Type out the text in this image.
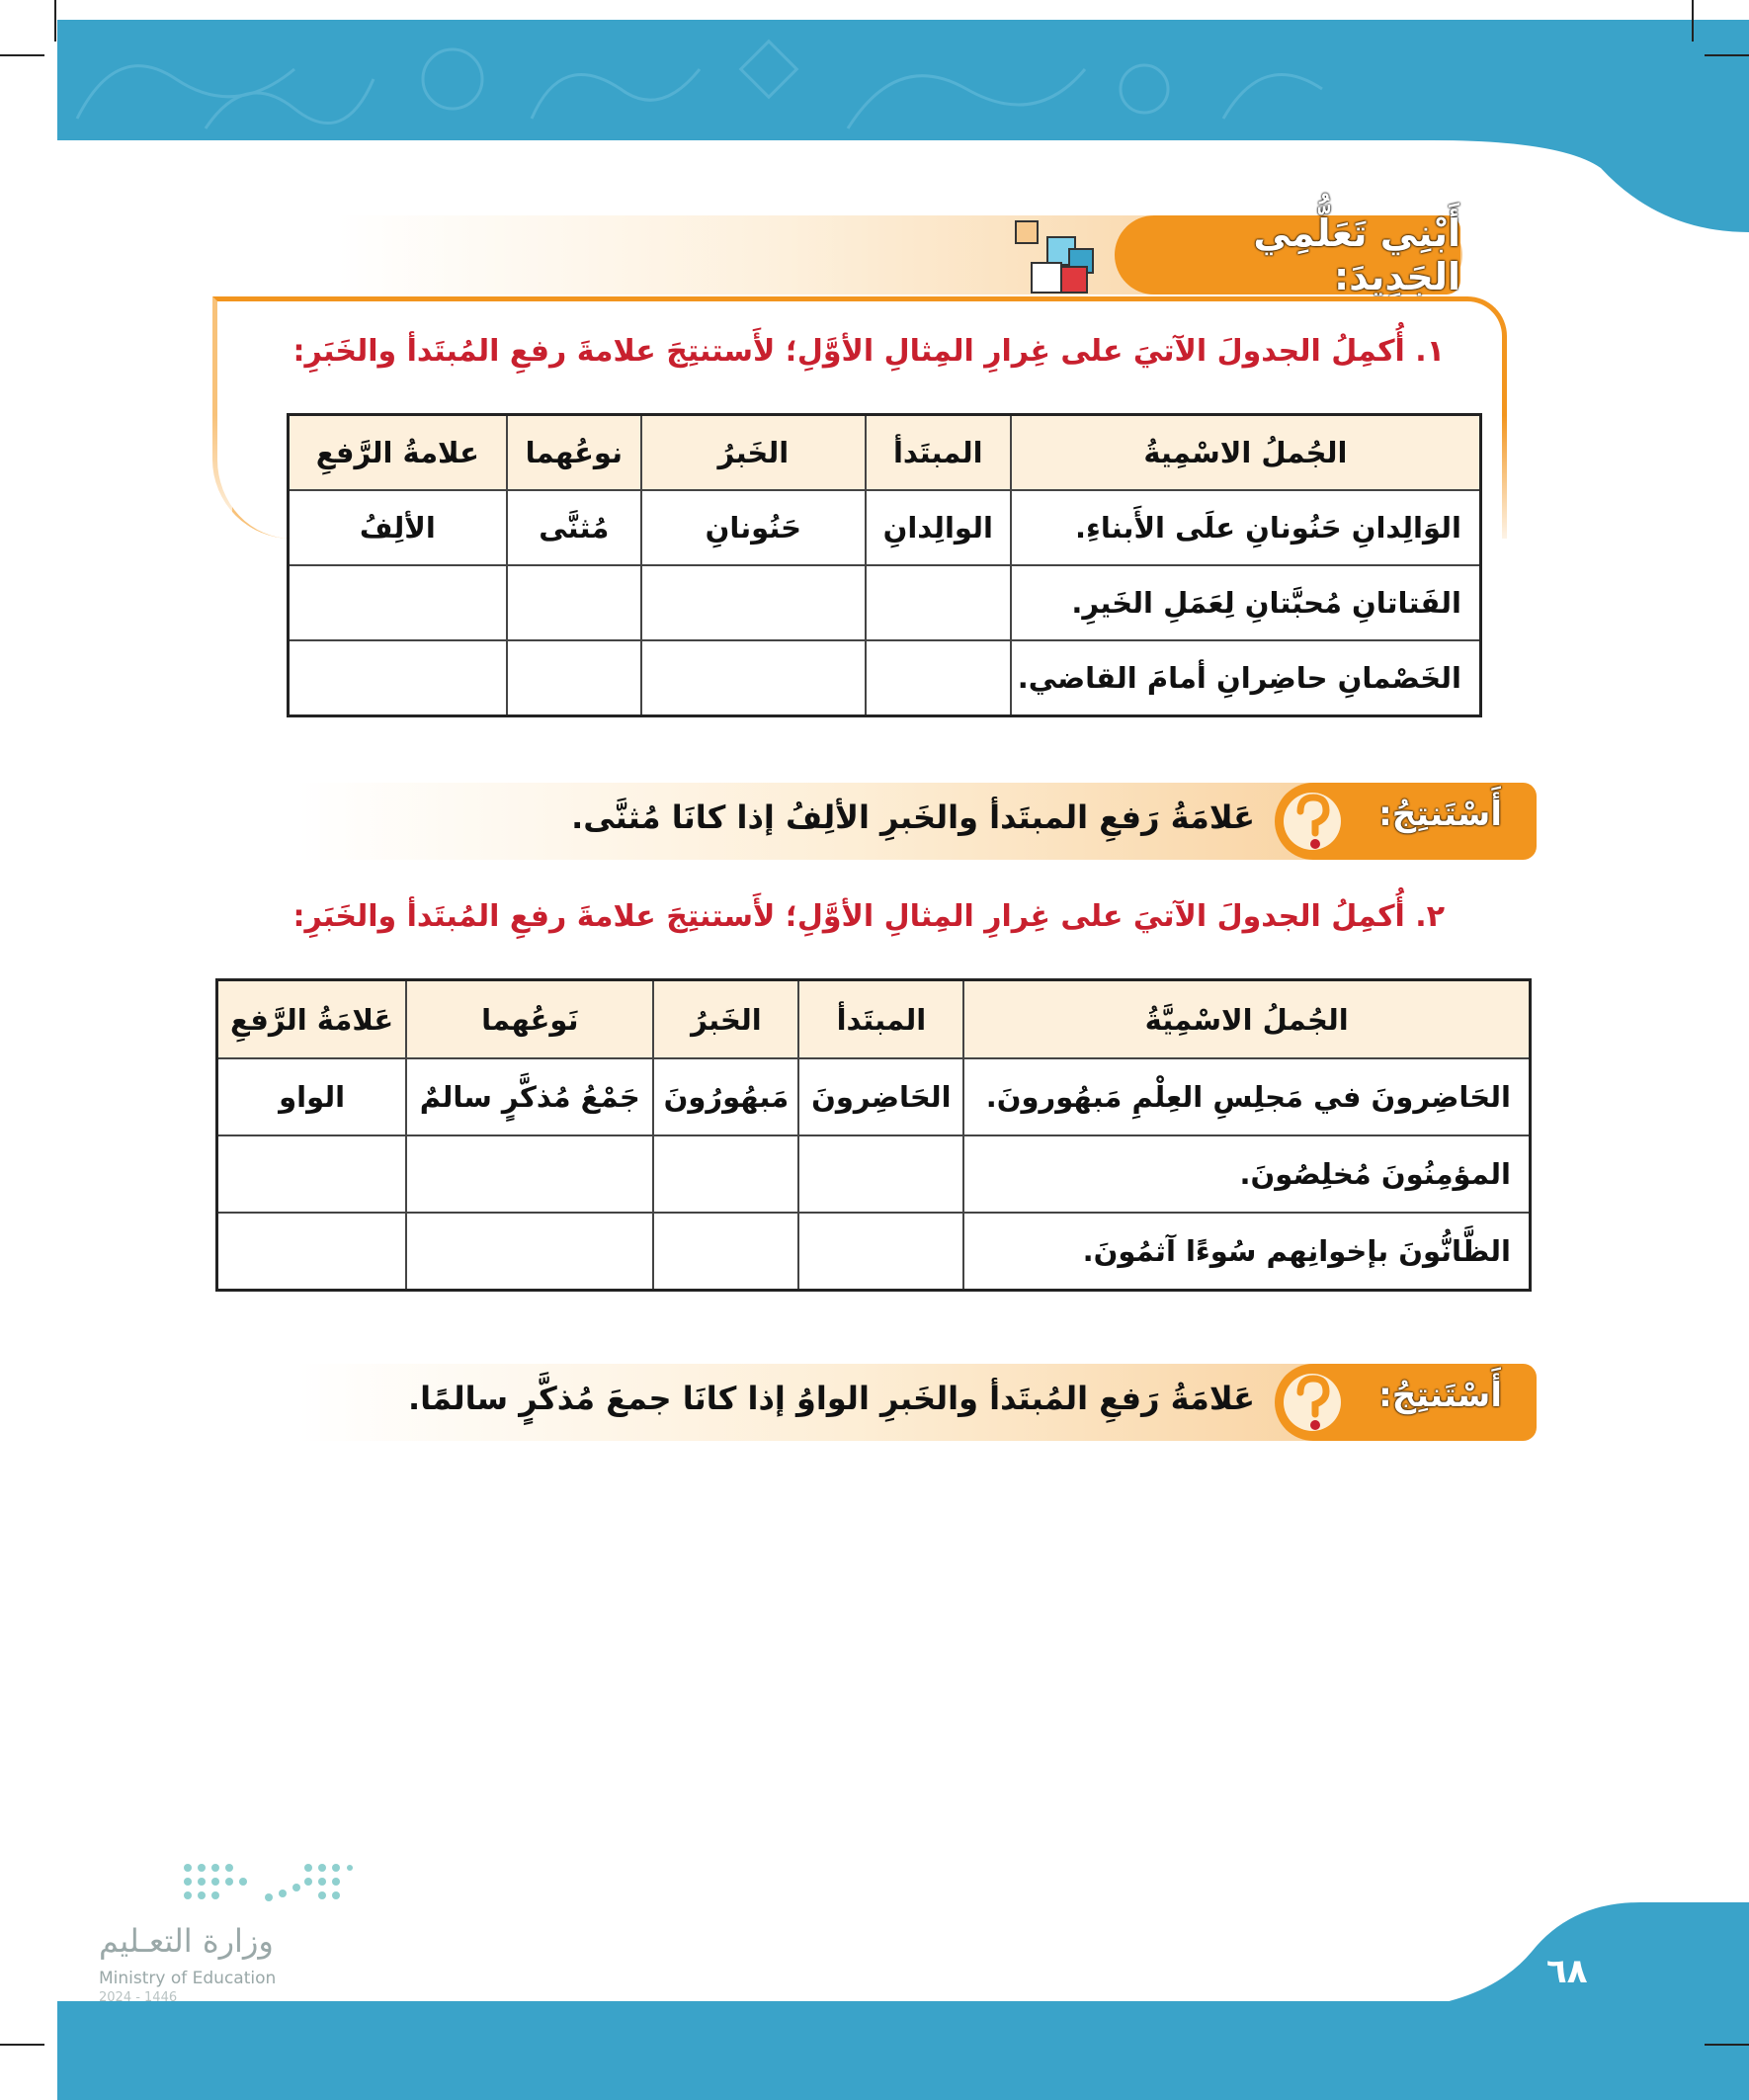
أَبْنِي تَعَلُّمِي الجَدِيدَ:
١. أُكمِلُ الجدولَ الآتيَ على غِرارِ المِثالِ الأوَّلِ؛ لأَستنتِجَ علامةَ رفعِ المُبتَدأ والخَبَرِ:
الجُملُ الاسْمِيةُ	المبتَدأ	الخَبرُ	نوعُهما	علامةُ الرَّفعِ
الوَالِدانِ حَنُونانِ علَى الأَبناءِ.	الوالِدانِ	حَنُونانِ	مُثنَّى	الألِفُ
الفَتاتانِ مُحبَّتانِ لِعَمَلِ الخَيرِ.				
الخَصْمانِ حاضِرانِ أمامَ القاضي.				
أَسْتَنتِجُ:
عَلامَةُ رَفعِ المبتَدأ والخَبرِ الألِفُ إذا كانَا مُثنَّى.
٢. أُكمِلُ الجدولَ الآتيَ على غِرارِ المِثالِ الأوَّلِ؛ لأَستنتِجَ علامةَ رفعِ المُبتَدأ والخَبَرِ:
الجُملُ الاسْمِيَّةُ	المبتَدأ	الخَبرُ	نَوعُهما	عَلامَةُ الرَّفعِ
الحَاضِرونَ في مَجلِسِ العِلْمِ مَبهُورونَ.	الحَاضِرونَ	مَبهُورُونَ	جَمْعُ مُذكَّرٍ سالمٌ	الواو
المؤمِنُونَ مُخلِصُونَ.				
الظَّانُّونَ بإخوانِهم سُوءًا آثمُونَ.				
أَسْتَنتِجُ:
عَلامَةُ رَفعِ المُبتَدأ والخَبرِ الواوُ إذا كانَا جمعَ مُذكَّرٍ سالمًا.
وزارة التعـليم
Ministry of Education
2024 - 1446
٦٨
